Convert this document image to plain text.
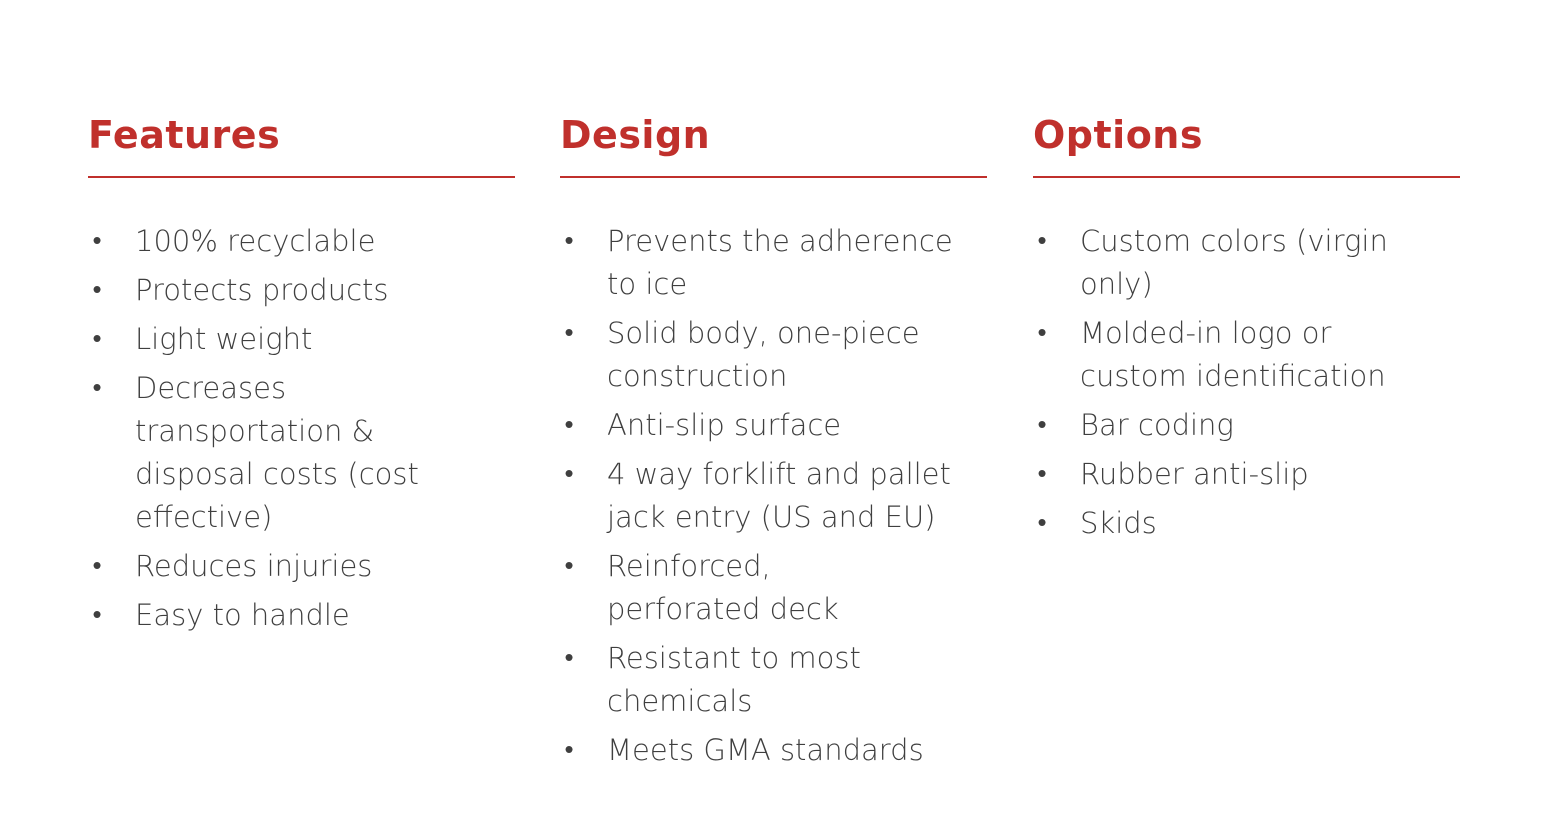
Features
• 100% recyclable
• Protects products
• Light weight
• Decreases transportation & disposal costs (cost effective)
• Reduces injuries
• Easy to handle
Design
• Prevents the adherence to ice
• Solid body, one-piece construction
• Anti-slip surface
• 4 way forklift and pallet jack entry (US and EU)
• Reinforced, perforated deck
• Resistant to most chemicals
• Meets GMA standards
Options
• Custom colors (virgin only)
• Molded-in logo or custom identification
• Bar coding
• Rubber anti-slip
• Skids
